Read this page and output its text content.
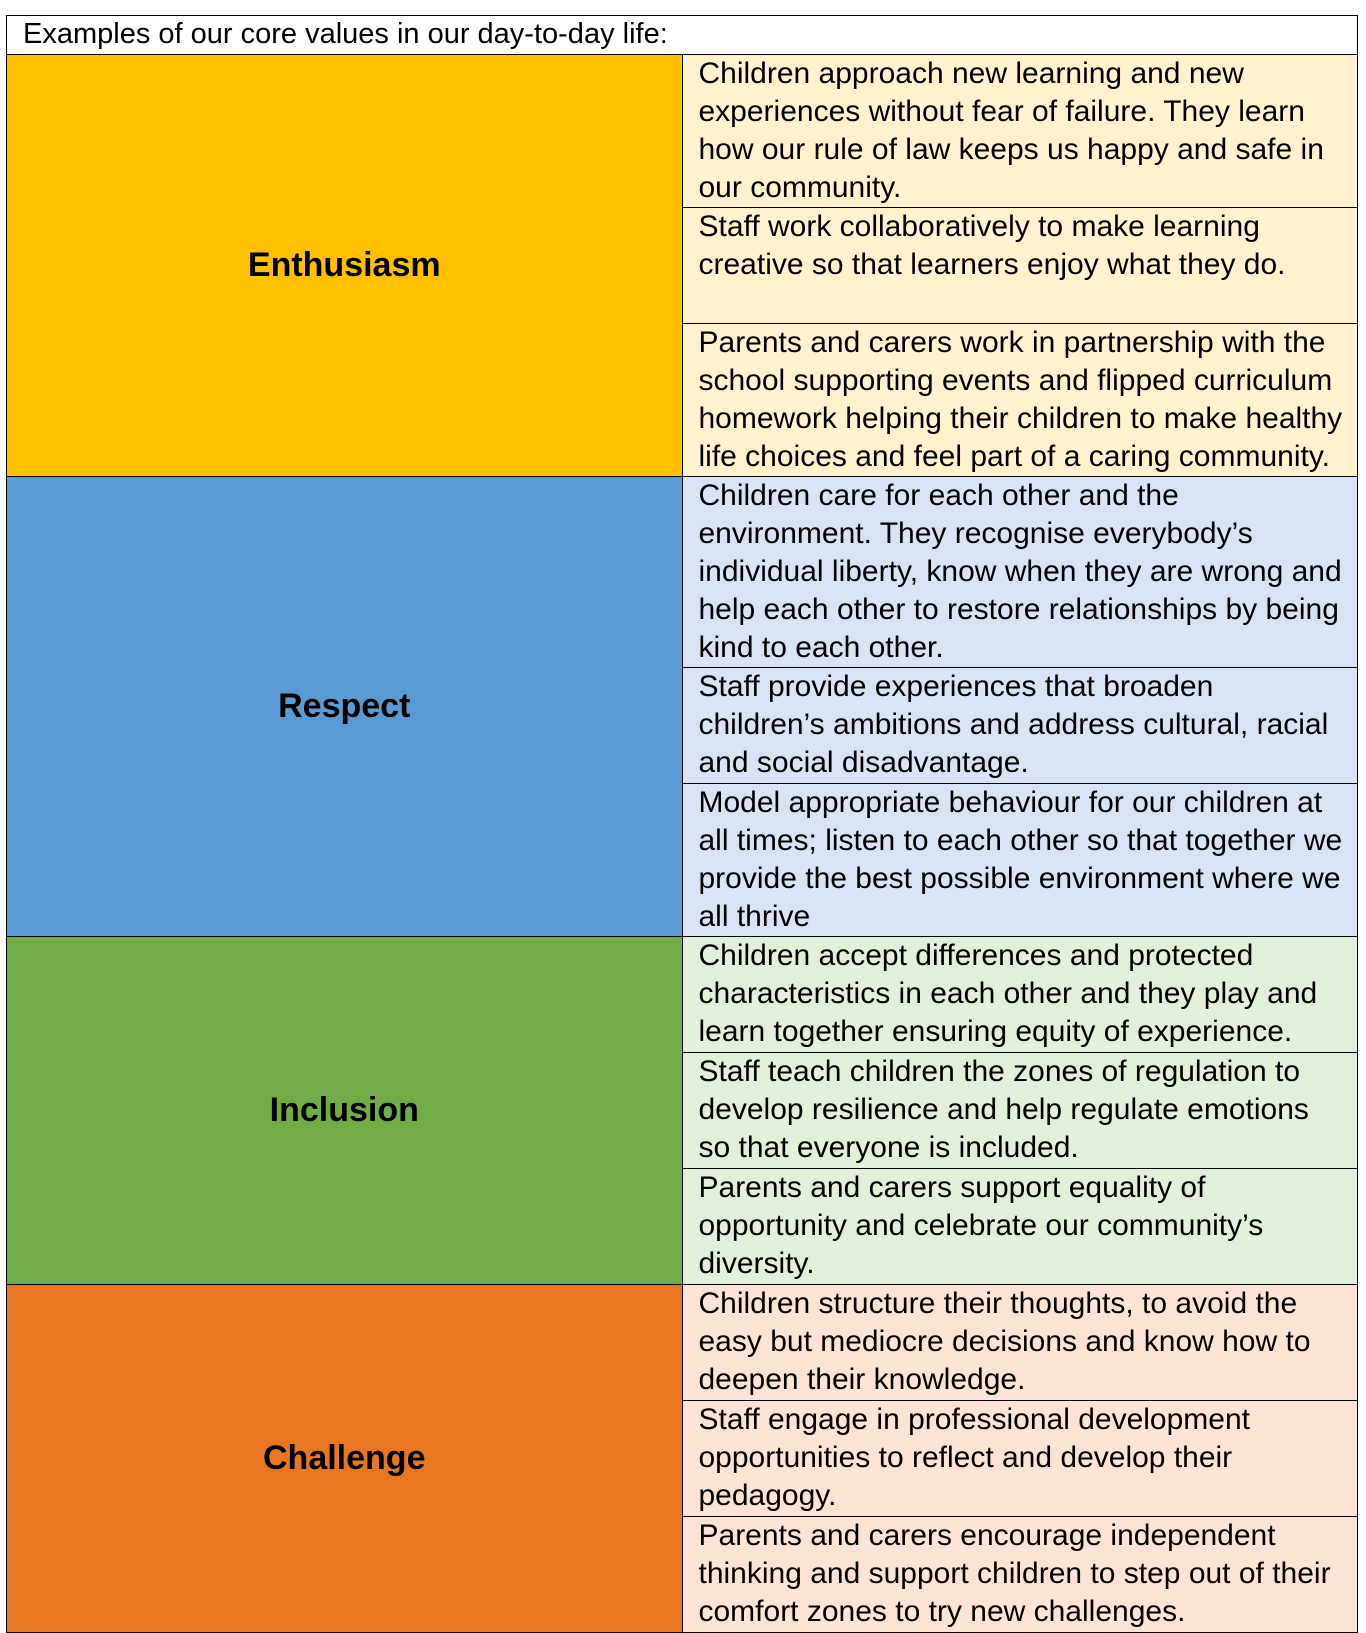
Examples of our core values in our day-to-day life:	
Enthusiasm	Children approach new learning and new experiences without fear of failure. They learn how our rule of law keeps us happy and safe in our community.
	Staff work collaboratively to make learning creative so that learners enjoy what they do.
	Parents and carers work in partnership with the school supporting events and flipped curriculum homework helping their children to make healthy life choices and feel part of a caring community.
Respect	Children care for each other and the environment. They recognise everybody’s individual liberty, know when they are wrong and help each other to restore relationships by being kind to each other.
	Staff provide experiences that broaden children’s ambitions and address cultural, racial and social disadvantage.
	Model appropriate behaviour for our children at all times; listen to each other so that together we provide the best possible environment where we all thrive
Inclusion	Children accept differences and protected characteristics in each other and they play and learn together ensuring equity of experience.
	Staff teach children the zones of regulation to develop resilience and help regulate emotions so that everyone is included.
	Parents and carers support equality of opportunity and celebrate our community’s diversity.
Challenge	Children structure their thoughts, to avoid the easy but mediocre decisions and know how to deepen their knowledge.
	Staff engage in professional development opportunities to reflect and develop their pedagogy.
	Parents and carers encourage independent thinking and support children to step out of their comfort zones to try new challenges.
